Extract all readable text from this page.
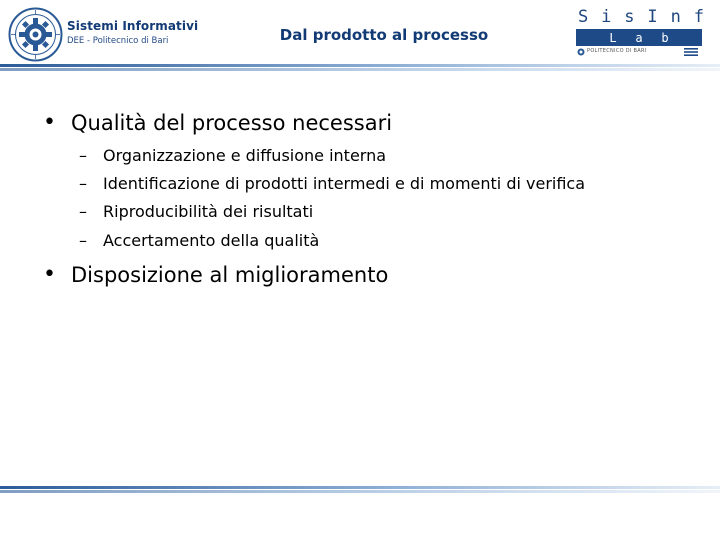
Sistemi Informativi
DEE - Politecnico di Bari	Dal prodotto al processo
S i s I n f
L a b
POLITECNICO DI BARI
• Qualità del processo necessari
– Organizzazione e diffusione interna
– Identificazione di prodotti intermedi e di momenti di verifica
– Riproducibilità dei risultati
– Accertamento della qualità
• Disposizione al miglioramento
